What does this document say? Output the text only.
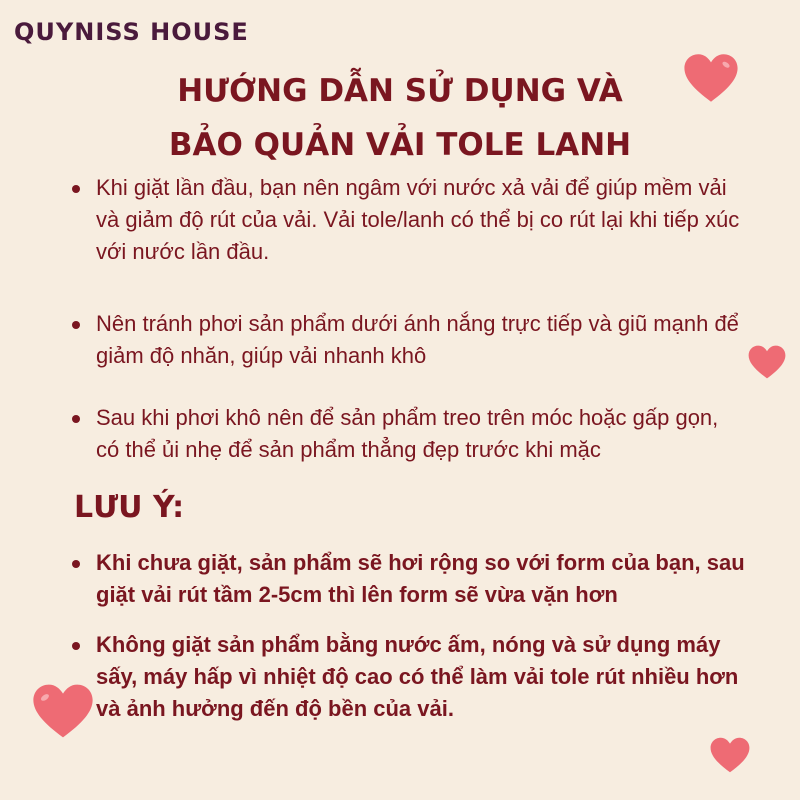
QUYNISS HOUSE
HƯỚNG DẪN SỬ DỤNG VÀ
BẢO QUẢN VẢI TOLE LANH
Khi giặt lần đầu, bạn nên ngâm với nước xả vải để giúp mềm vải và giảm độ rút của vải. Vải tole/lanh có thể bị co rút lại khi tiếp xúc với nước lần đầu.
Nên tránh phơi sản phẩm dưới ánh nắng trực tiếp và giũ mạnh để giảm độ nhăn, giúp vải nhanh khô
Sau khi phơi khô nên để sản phẩm treo trên móc hoặc gấp gọn, có thể ủi nhẹ để sản phẩm thẳng đẹp trước khi mặc
LƯU Ý:
Khi chưa giặt, sản phẩm sẽ hơi rộng so với form của bạn, sau giặt vải rút tầm 2-5cm thì lên form sẽ vừa vặn hơn
Không giặt sản phẩm bằng nước ấm, nóng và sử dụng máy sấy, máy hấp vì nhiệt độ cao có thể làm vải tole rút nhiều hơn và ảnh hưởng đến độ bền của vải.
